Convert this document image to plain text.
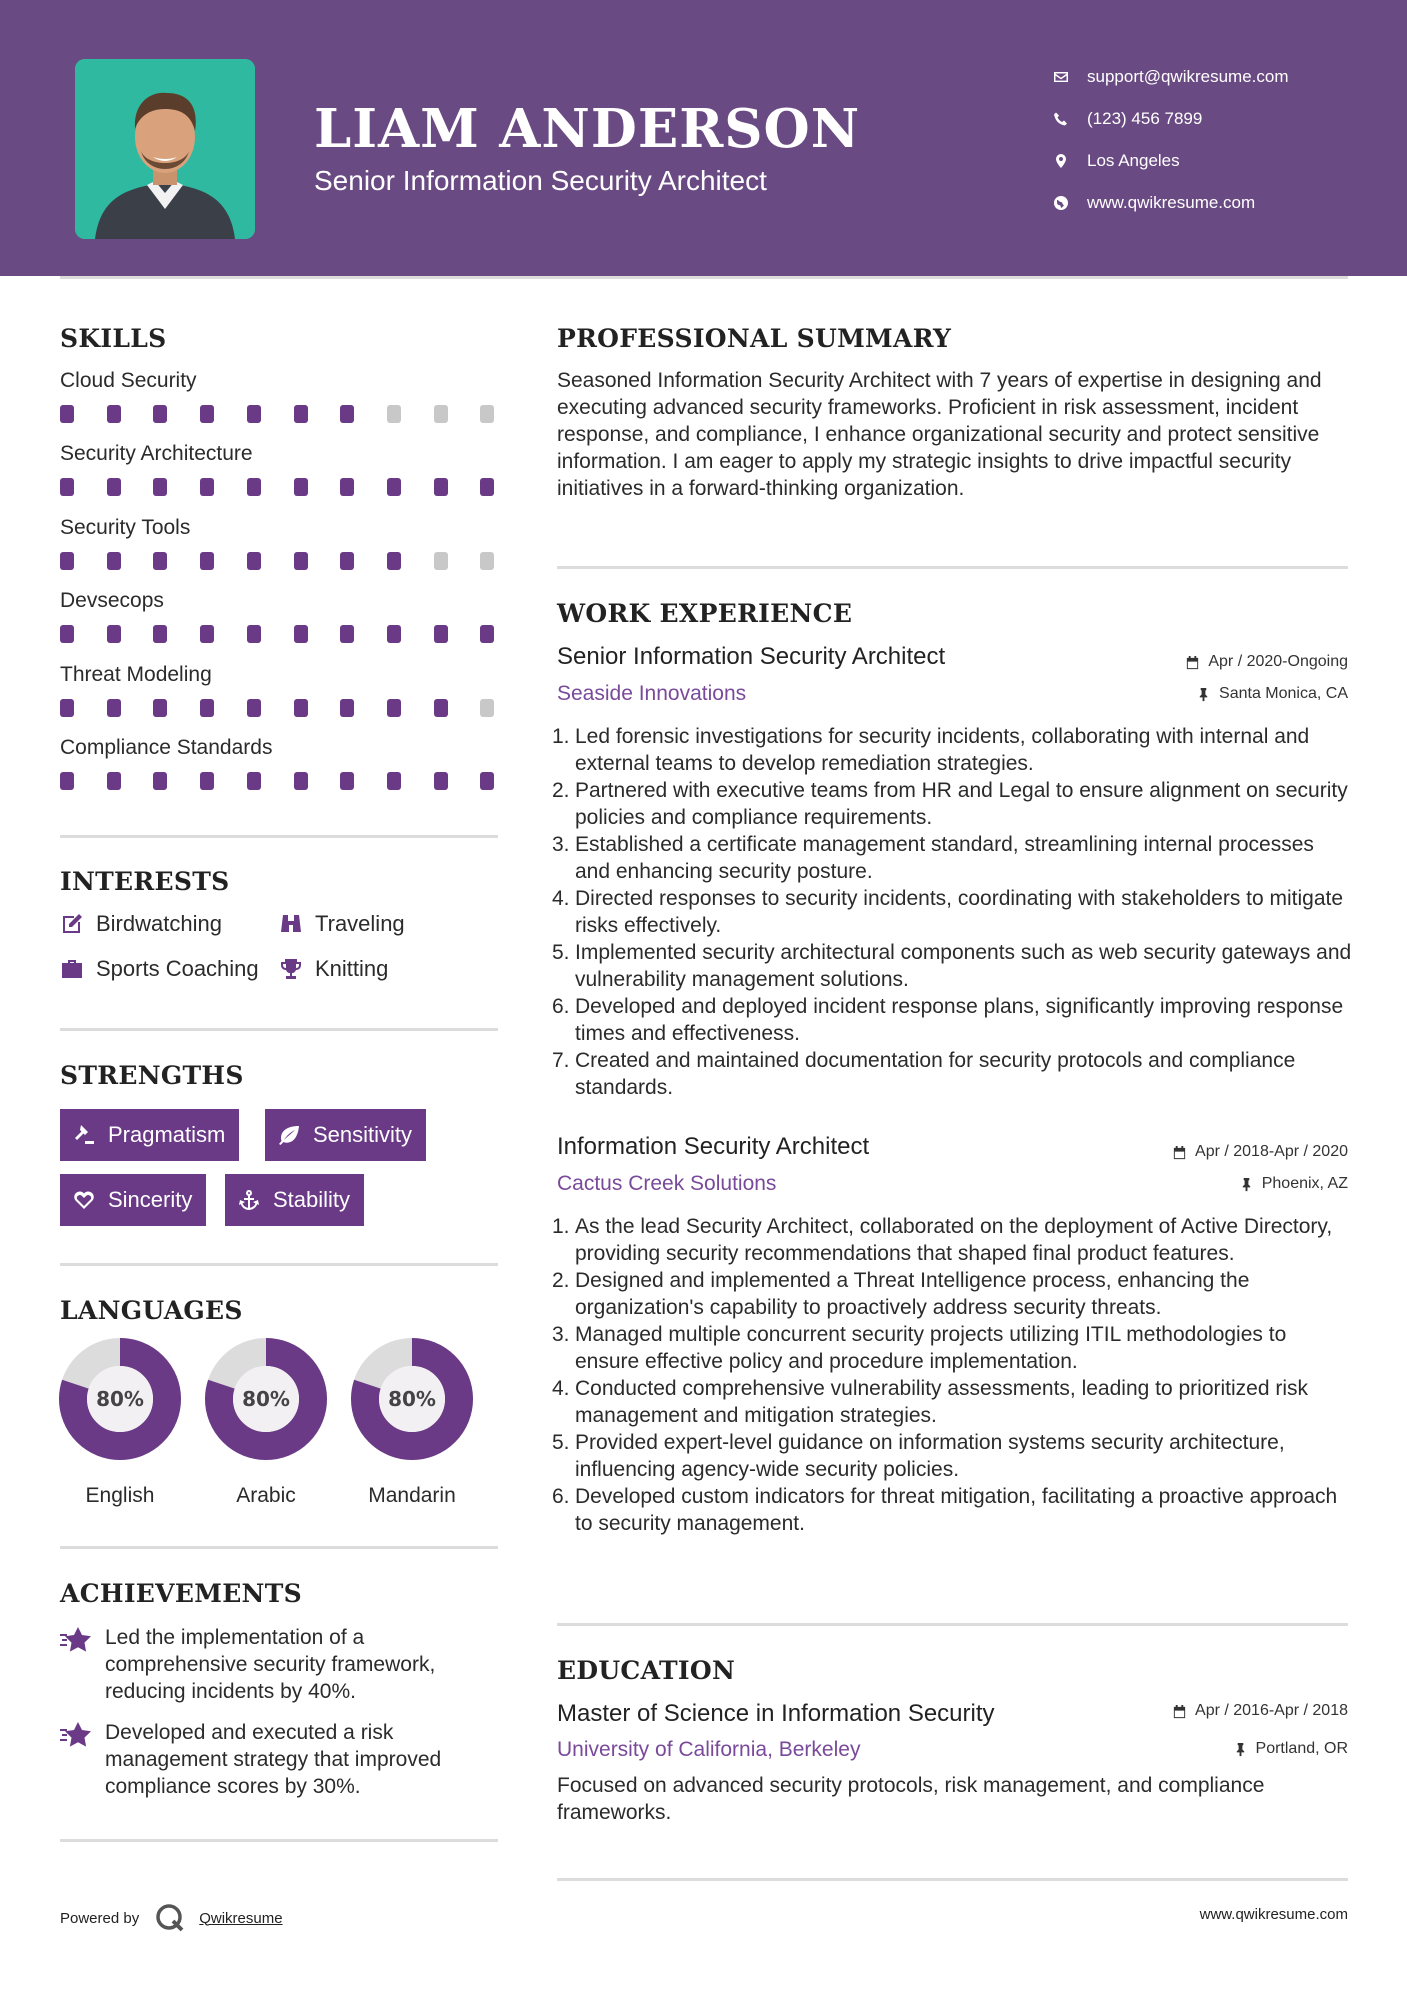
LIAM ANDERSON
Senior Information Security Architect
support@qwikresume.com
(123) 456 7899
Los Angeles
www.qwikresume.com
SKILLS
Cloud Security
Security Architecture
Security Tools
Devsecops
Threat Modeling
Compliance Standards
INTERESTS
Birdwatching	Traveling
Sports Coaching	Knitting
STRENGTHS
Pragmatism	Sensitivity
Sincerity	Stability
LANGUAGES
80%
English
80%
Arabic
80%
Mandarin
ACHIEVEMENTS
Led the implementation of a comprehensive security framework, reducing incidents by 40%.
Developed and executed a risk management strategy that improved compliance scores by 30%.
PROFESSIONAL SUMMARY
Seasoned Information Security Architect with 7 years of expertise in designing and executing advanced security frameworks. Proficient in risk assessment, incident response, and compliance, I enhance organizational security and protect sensitive information. I am eager to apply my strategic insights to drive impactful security initiatives in a forward-thinking organization.
WORK EXPERIENCE
Senior Information Security Architect	Apr / 2020-Ongoing
Seaside Innovations	Santa Monica, CA
1. Led forensic investigations for security incidents, collaborating with internal and external teams to develop remediation strategies.
2. Partnered with executive teams from HR and Legal to ensure alignment on security policies and compliance requirements.
3. Established a certificate management standard, streamlining internal processes and enhancing security posture.
4. Directed responses to security incidents, coordinating with stakeholders to mitigate risks effectively.
5. Implemented security architectural components such as web security gateways and vulnerability management solutions.
6. Developed and deployed incident response plans, significantly improving response times and effectiveness.
7. Created and maintained documentation for security protocols and compliance standards.
Information Security Architect	Apr / 2018-Apr / 2020
Cactus Creek Solutions	Phoenix, AZ
1. As the lead Security Architect, collaborated on the deployment of Active Directory, providing security recommendations that shaped final product features.
2. Designed and implemented a Threat Intelligence process, enhancing the organization's capability to proactively address security threats.
3. Managed multiple concurrent security projects utilizing ITIL methodologies to ensure effective policy and procedure implementation.
4. Conducted comprehensive vulnerability assessments, leading to prioritized risk management and mitigation strategies.
5. Provided expert-level guidance on information systems security architecture, influencing agency-wide security policies.
6. Developed custom indicators for threat mitigation, facilitating a proactive approach to security management.
EDUCATION
Master of Science in Information Security	Apr / 2016-Apr / 2018
University of California, Berkeley	Portland, OR
Focused on advanced security protocols, risk management, and compliance frameworks.
Powered by	Qwikresume	www.qwikresume.com
